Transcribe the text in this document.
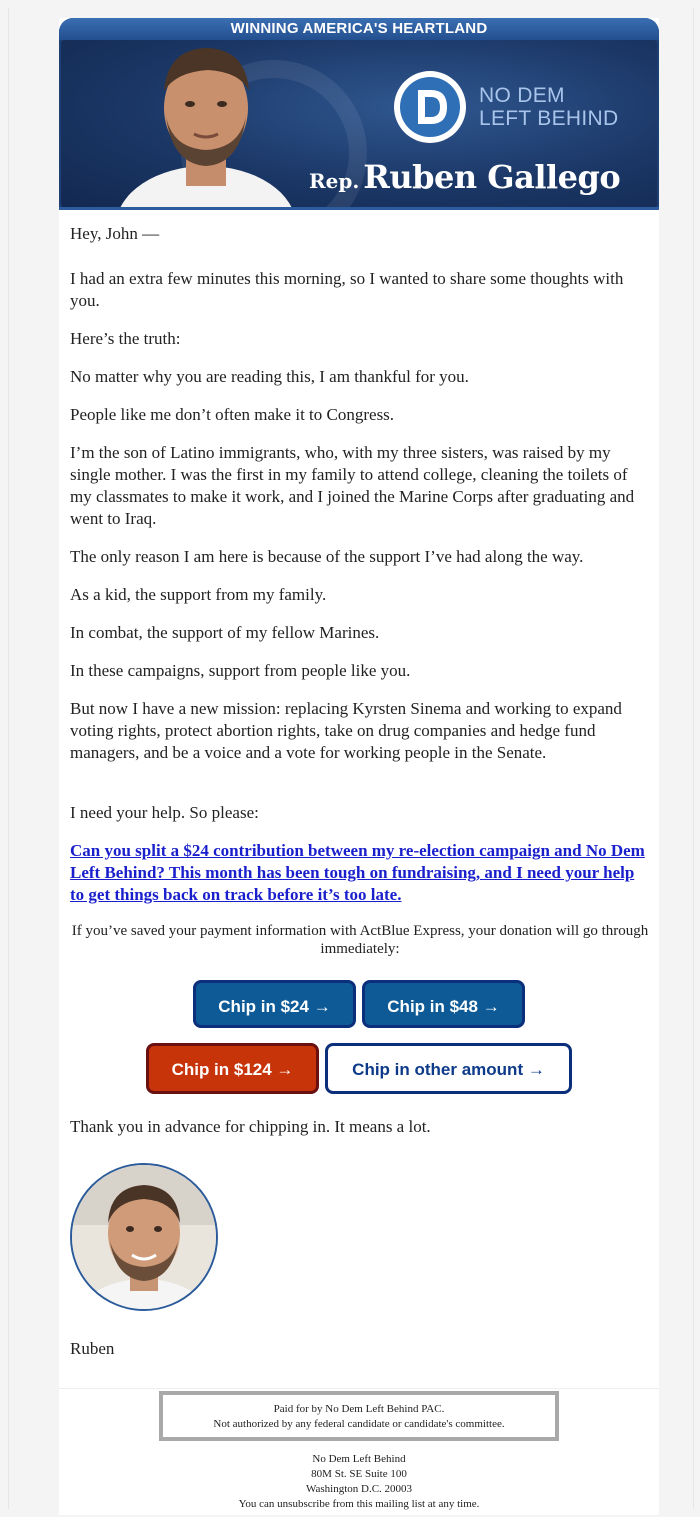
WINNING AMERICA'S HEARTLAND
NO DEM
LEFT BEHIND
Rep. Ruben Gallego

Hey, John —

I had an extra few minutes this morning, so I wanted to share some thoughts with you.

Here’s the truth:

No matter why you are reading this, I am thankful for you.

People like me don’t often make it to Congress.

I’m the son of Latino immigrants, who, with my three sisters, was raised by my single mother. I was the first in my family to attend college, cleaning the toilets of my classmates to make it work, and I joined the Marine Corps after graduating and went to Iraq.

The only reason I am here is because of the support I’ve had along the way.

As a kid, the support from my family.

In combat, the support of my fellow Marines.

In these campaigns, support from people like you.

But now I have a new mission: replacing Kyrsten Sinema and working to expand voting rights, protect abortion rights, take on drug companies and hedge fund managers, and be a voice and a vote for working people in the Senate.

I need your help. So please:

Can you split a $24 contribution between my re-election campaign and No Dem Left Behind? This month has been tough on fundraising, and I need your help to get things back on track before it’s too late.

If you’ve saved your payment information with ActBlue Express, your donation will go through immediately:

Thank you in advance for chipping in. It means a lot.

Ruben

Chip in $24 →	Chip in $48 →
Chip in $124 →	Chip in other amount →
Paid for by No Dem Left Behind PAC.
Not authorized by any federal candidate or candidate's committee.
No Dem Left Behind
80M St. SE Suite 100
Washington D.C. 20003
You can unsubscribe from this mailing list at any time.
